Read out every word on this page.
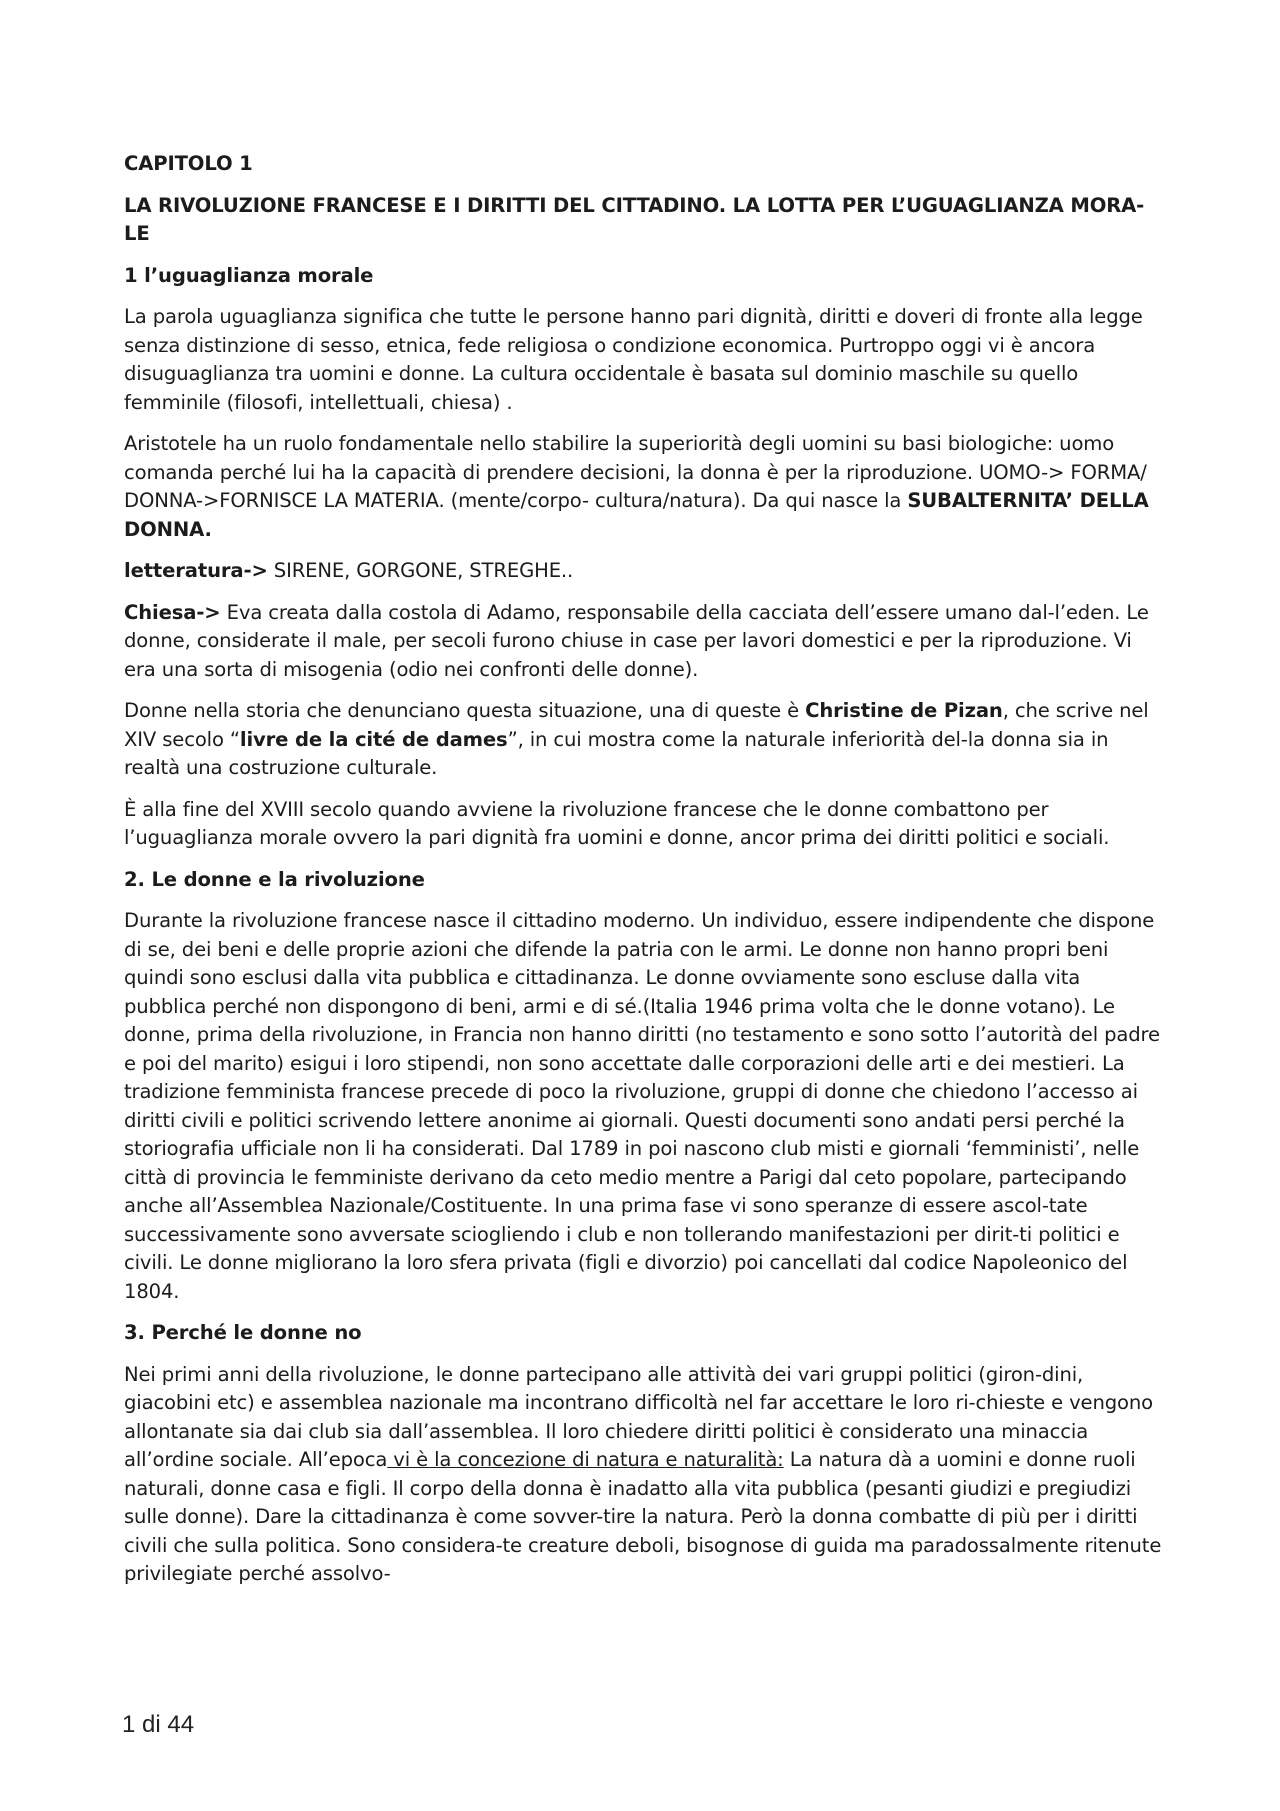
CAPITOLO 1

LA RIVOLUZIONE FRANCESE E I DIRITTI DEL CITTADINO. LA LOTTA PER L’UGUAGLIANZA MORA-
LE

1 l’uguaglianza morale

La parola uguaglianza significa che tutte le persone hanno pari dignità, diritti e doveri di fronte alla legge senza distinzione di sesso, etnica, fede religiosa o condizione economica. Purtroppo oggi vi è ancora disuguaglianza tra uomini e donne. La cultura occidentale è basata sul dominio maschile su quello femminile (filosofi, intellettuali, chiesa) .

Aristotele ha un ruolo fondamentale nello stabilire la superiorità degli uomini su basi biologiche: uomo comanda perché lui ha la capacità di prendere decisioni, la donna è per la riproduzione. UOMO-> FORMA/ DONNA->FORNISCE LA MATERIA. (mente/corpo- cultura/natura). Da qui nasce la SUBALTERNITA’ DELLA DONNA.

letteratura-> SIRENE, GORGONE, STREGHE..

Chiesa-> Eva creata dalla costola di Adamo, responsabile della cacciata dell’essere umano dal-l’eden. Le donne, considerate il male, per secoli furono chiuse in case per lavori domestici e per la riproduzione. Vi era una sorta di misogenia (odio nei confronti delle donne).

Donne nella storia che denunciano questa situazione, una di queste è Christine de Pizan, che scrive nel XIV secolo “livre de la cité de dames”, in cui mostra come la naturale inferiorità del-la donna sia in realtà una costruzione culturale.

È alla fine del XVIII secolo quando avviene la rivoluzione francese che le donne combattono per l’uguaglianza morale ovvero la pari dignità fra uomini e donne, ancor prima dei diritti politici e sociali.

2. Le donne e la rivoluzione

Durante la rivoluzione francese nasce il cittadino moderno. Un individuo, essere indipendente che dispone di se, dei beni e delle proprie azioni che difende la patria con le armi. Le donne non hanno propri beni quindi sono esclusi dalla vita pubblica e cittadinanza. Le donne ovviamente sono escluse dalla vita pubblica perché non dispongono di beni, armi e di sé.(Italia 1946 prima volta che le donne votano). Le donne, prima della rivoluzione, in Francia non hanno diritti (no testamento e sono sotto l’autorità del padre e poi del marito) esigui i loro stipendi, non sono accettate dalle corporazioni delle arti e dei mestieri. La tradizione femminista francese precede di poco la rivoluzione, gruppi di donne che chiedono l’accesso ai diritti civili e politici scrivendo lettere anonime ai giornali. Questi documenti sono andati persi perché la storiografia ufficiale non li ha considerati. Dal 1789 in poi nascono club misti e giornali ‘femministi’, nelle città di provincia le femministe derivano da ceto medio mentre a Parigi dal ceto popolare, partecipando anche all’Assemblea Nazionale/Costituente. In una prima fase vi sono speranze di essere ascol-tate successivamente sono avversate sciogliendo i club e non tollerando manifestazioni per dirit-ti politici e civili. Le donne migliorano la loro sfera privata (figli e divorzio) poi cancellati dal codice Napoleonico del 1804.

3. Perché le donne no

Nei primi anni della rivoluzione, le donne partecipano alle attività dei vari gruppi politici (giron-dini, giacobini etc) e assemblea nazionale ma incontrano difficoltà nel far accettare le loro ri-chieste e vengono allontanate sia dai club sia dall’assemblea. Il loro chiedere diritti politici è considerato una minaccia all’ordine sociale. All’epoca vi è la concezione di natura e naturalità: La natura dà a uomini e donne ruoli naturali, donne casa e figli. Il corpo della donna è inadatto alla vita pubblica (pesanti giudizi e pregiudizi sulle donne). Dare la cittadinanza è come sovver-tire la natura. Però la donna combatte di più per i diritti civili che sulla politica. Sono considera-te creature deboli, bisognose di guida ma paradossalmente ritenute privilegiate perché assolvo-

1 di 44
